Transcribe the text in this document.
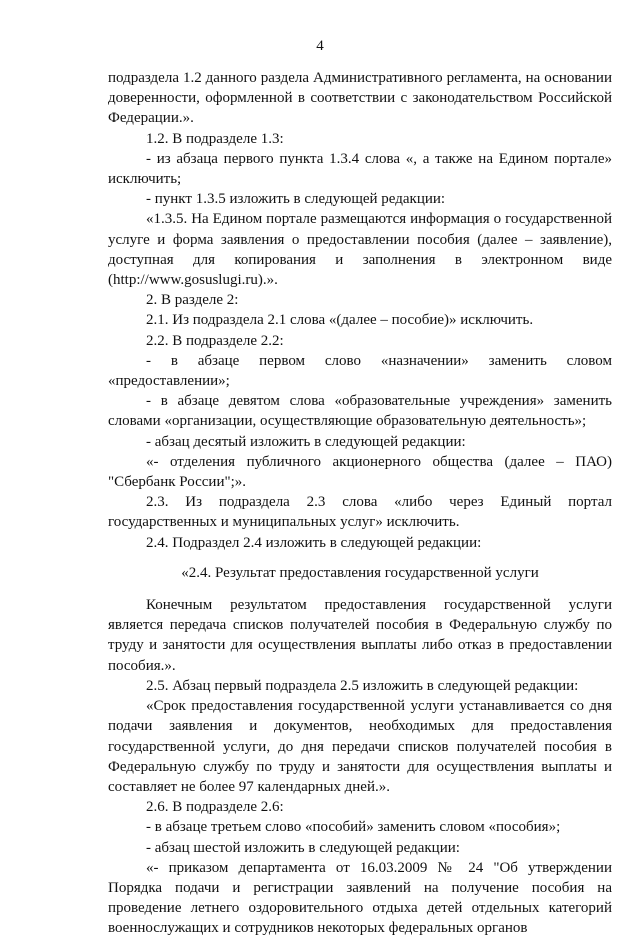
4

подраздела 1.2 данного раздела Административного регламента, на основании доверенности, оформленной в соответствии с законодательством Российской Федерации.».

1.2. В подразделе 1.3:

- из абзаца первого пункта 1.3.4 слова «, а также на Едином портале» исключить;

- пункт 1.3.5 изложить в следующей редакции:

«1.3.5. На Едином портале размещаются информация о государственной услуге и форма заявления о предоставлении пособия (далее – заявление), доступная для копирования и заполнения в электронном виде (http://www.gosuslugi.ru).».

2. В разделе 2:

2.1. Из подраздела 2.1 слова «(далее – пособие)» исключить.

2.2. В подразделе 2.2:

- в абзаце первом слово «назначении» заменить словом «предоставлении»;

- в абзаце девятом слова «образовательные учреждения» заменить словами «организации, осуществляющие образовательную деятельность»;

- абзац десятый изложить в следующей редакции:

«- отделения публичного акционерного общества (далее – ПАО) "Сбербанк России";».

2.3. Из подраздела 2.3 слова «либо через Единый портал государственных и муниципальных услуг» исключить.

2.4. Подраздел 2.4 изложить в следующей редакции:

«2.4. Результат предоставления государственной услуги

Конечным результатом предоставления государственной услуги является передача списков получателей пособия в Федеральную службу по труду и занятости для осуществления выплаты либо отказ в предоставлении пособия.».

2.5. Абзац первый подраздела 2.5 изложить в следующей редакции:

«Срок предоставления государственной услуги устанавливается со дня подачи заявления и документов, необходимых для предоставления государственной услуги, до дня передачи списков получателей пособия в Федеральную службу по труду и занятости для осуществления выплаты и составляет не более 97 календарных дней.».

2.6. В подразделе 2.6:

- в абзаце третьем слово «пособий» заменить словом «пособия»;

- абзац шестой изложить в следующей редакции:

«- приказом департамента от 16.03.2009 № 24 "Об утверждении Порядка подачи и регистрации заявлений на получение пособия на проведение летнего оздоровительного отдыха детей отдельных категорий военнослужащих и сотрудников некоторых федеральных органов
